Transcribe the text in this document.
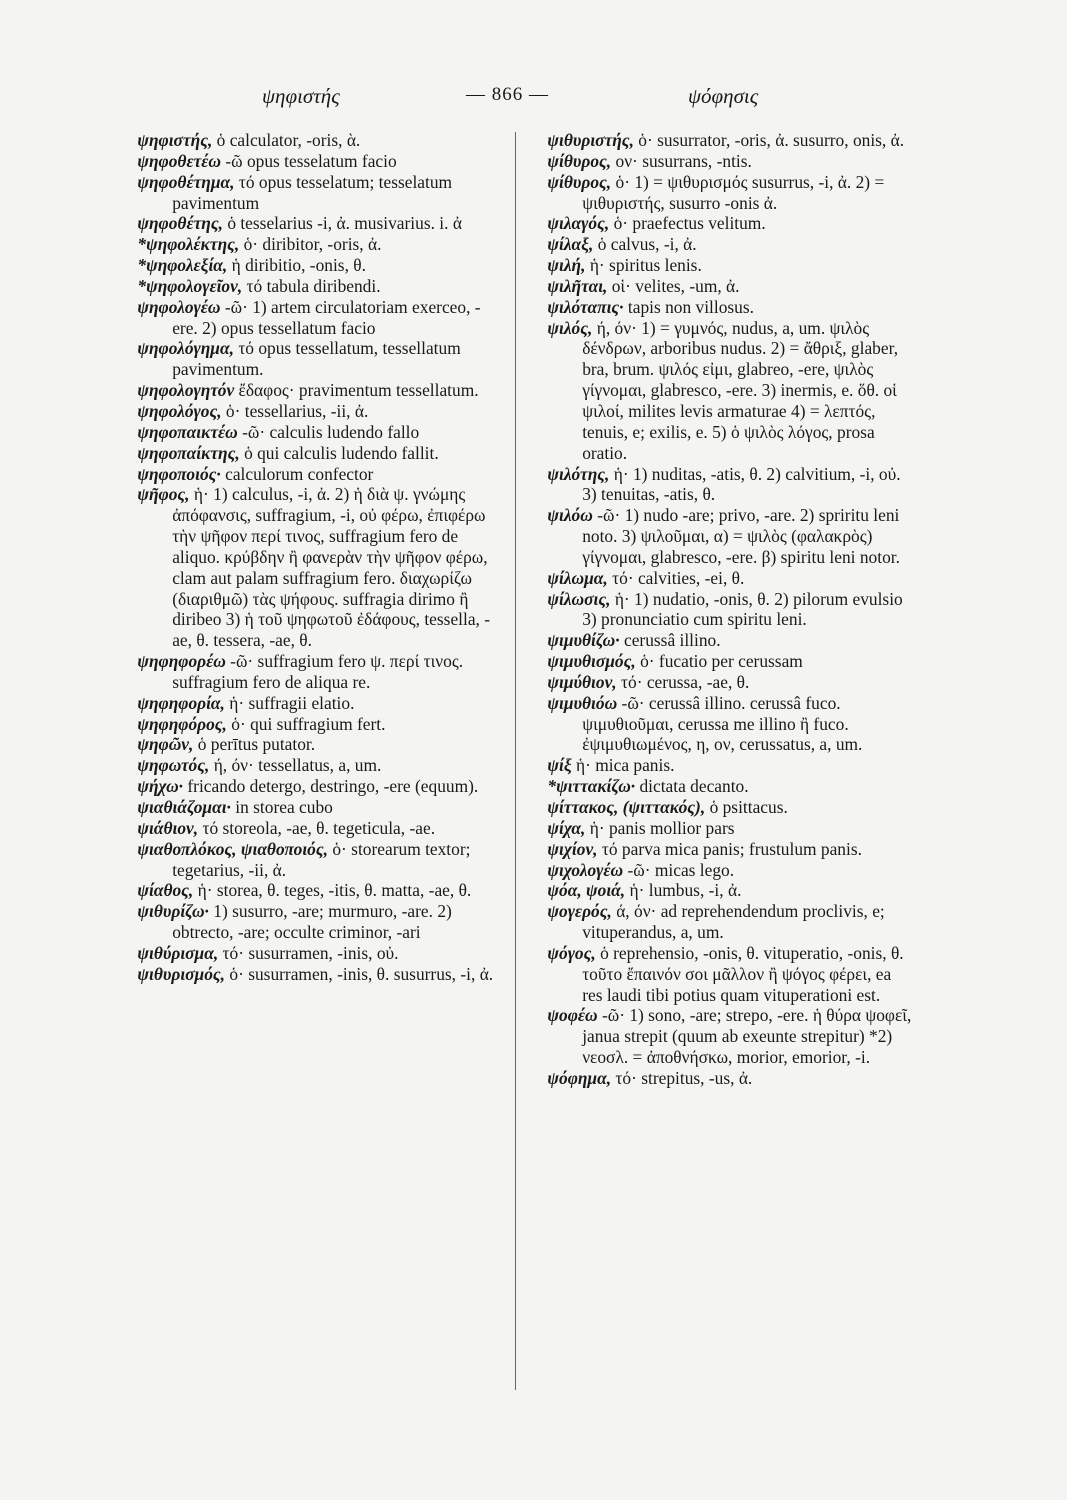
ψηφιστής	— 866 —	ψόφησις

ψηφιστής, ὁ calculator, -oris, ὰ.

ψηφοθετέω -ῶ opus tesselatum facio

ψηφοθέτημα, τό opus tesselatum; tesselatum pavimentum

ψηφοθέτης, ὁ tesselarius -i, ἀ. musivarius. i. ἀ

*ψηφολέκτης, ὁ· diribitor, -oris, ἀ.

*ψηφολεξία, ἡ diribitio, -onis, θ.

*ψηφολογεῖον, τό tabula diribendi.

ψηφολογέω -ῶ· 1) artem circulatoriam exerceo, -ere. 2) opus tessellatum facio

ψηφολόγημα, τό opus tessellatum, tessellatum pavimentum.

ψηφολογητόν ἔδαφος· pravimentum tessellatum.

ψηφολόγος, ὁ· tessellarius, -ii, ἀ.

ψηφοπαικτέω -ῶ· calculis ludendo fallo

ψηφοπαίκτης, ὁ qui calculis ludendo fallit.

ψηφοποιός· calculorum confector

ψῆφος, ἡ· 1) calculus, -i, ἀ. 2) ἡ διὰ ψ. γνώμης ἀπόφανσις, suffragium, -i, οὐ φέρω, ἐπιφέρω τὴν ψῆφον περί τινος, suffragium fero de aliquo. κρύβδην ἢ φανερὰν τὴν ψῆφον φέρω, clam aut palam suffragium fero. διαχωρίζω (διαριθμῶ) τὰς ψήφους. suffragia dirimo ἢ diribeo 3) ἡ τοῦ ψηφωτοῦ ἐδάφους, tessella, -ae, θ. tessera, -ae, θ.

ψηφηφορέω -ῶ· suffragium fero ψ. περί τινος. suffragium fero de aliqua re.

ψηφηφορία, ἡ· suffragii elatio.

ψηφηφόρος, ὁ· qui suffragium fert.

ψηφῶν, ὁ perītus putator.

ψηφωτός, ή, όν· tessellatus, a, um.

ψήχω· fricando detergo, destringo, -ere (equum).

ψιαθιάζομαι· in storea cubo

ψιάθιον, τό storeola, -ae, θ. tegeticula, -ae.

ψιαθοπλόκος, ψιαθοποιός, ὁ· storearum textor; tegetarius, -ii, ἀ.

ψίαθος, ἡ· storea, θ. teges, -itis, θ. matta, -ae, θ.

ψιθυρίζω· 1) susurro, -are; murmuro, -are. 2) obtrecto, -are; occulte criminor, -ari

ψιθύρισμα, τό· susurramen, -inis, οὐ.

ψιθυρισμός, ὁ· susurramen, -inis, θ. susurrus, -i, ἀ.

ψιθυριστής, ὁ· susurrator, -oris, ἀ. susurro, onis, ἀ.

ψίθυρος, ον· susurrans, -ntis.

ψίθυρος, ὁ· 1) = ψιθυρισμός susurrus, -i, ἀ. 2) = ψιθυριστής, susurro -onis ἀ.

ψιλαγός, ὁ· praefectus velitum.

ψίλαξ, ὁ calvus, -i, ἀ.

ψιλή, ἡ· spiritus lenis.

ψιλῆται, οἱ· velites, -um, ἀ.

ψιλόταπις· tapis non villosus.

ψιλός, ή, όν· 1) = γυμνός, nudus, a, um. ψιλὸς δένδρων, arboribus nudus. 2) = ἄθριξ, glaber, bra, brum. ψιλός εἰμι, glabreo, -ere, ψιλὸς γίγνομαι, glabresco, -ere. 3) inermis, e. ὅθ. οἱ ψιλοί, milites levis armaturae 4) = λεπτός, tenuis, e; exilis, e. 5) ὁ ψιλὸς λόγος, prosa oratio.

ψιλότης, ἡ· 1) nuditas, -atis, θ. 2) calvitium, -i, οὐ. 3) tenuitas, -atis, θ.

ψιλόω -ῶ· 1) nudo -are; privo, -are. 2) spriritu leni noto. 3) ψιλοῦμαι, α) = ψιλὸς (φαλακρὸς) γίγνομαι, glabresco, -ere. β) spiritu leni notor.

ψίλωμα, τό· calvities, -ei, θ.

ψίλωσις, ἡ· 1) nudatio, -onis, θ. 2) pilorum evulsio 3) pronunciatio cum spiritu leni.

ψιμυθίζω· cerussâ illino.

ψιμυθισμός, ὁ· fucatio per cerussam

ψιμύθιον, τό· cerussa, -ae, θ.

ψιμυθιόω -ῶ· cerussâ illino. cerussâ fuco. ψιμυθιοῦμαι, cerussa me illino ἢ fuco. ἐψιμυθιωμένος, η, ον, cerussatus, a, um.

ψίξ ἡ· mica panis.

*ψιττακίζω· dictata decanto.

ψίττακος, (ψιττακός), ὁ psittacus.

ψίχα, ἡ· panis mollior pars

ψιχίον, τό parva mica panis; frustulum panis.

ψιχολογέω -ῶ· micas lego.

ψόα, ψοιά, ἡ· lumbus, -i, ἀ.

ψογερός, ά, όν· ad reprehendendum proclivis, e; vituperandus, a, um.

ψόγος, ὁ reprehensio, -onis, θ. vituperatio, -onis, θ. τοῦτο ἔπαινόν σοι μᾶλλον ἢ ψόγος φέρει, ea res laudi tibi potius quam vituperationi est.

ψοφέω -ῶ· 1) sono, -are; strepo, -ere. ἡ θύρα ψοφεῖ, janua strepit (quum ab exeunte strepitur) *2) νεοσλ. = ἀποθνήσκω, morior, emorior, -i.

ψόφημα, τό· strepitus, -us, ἀ.
